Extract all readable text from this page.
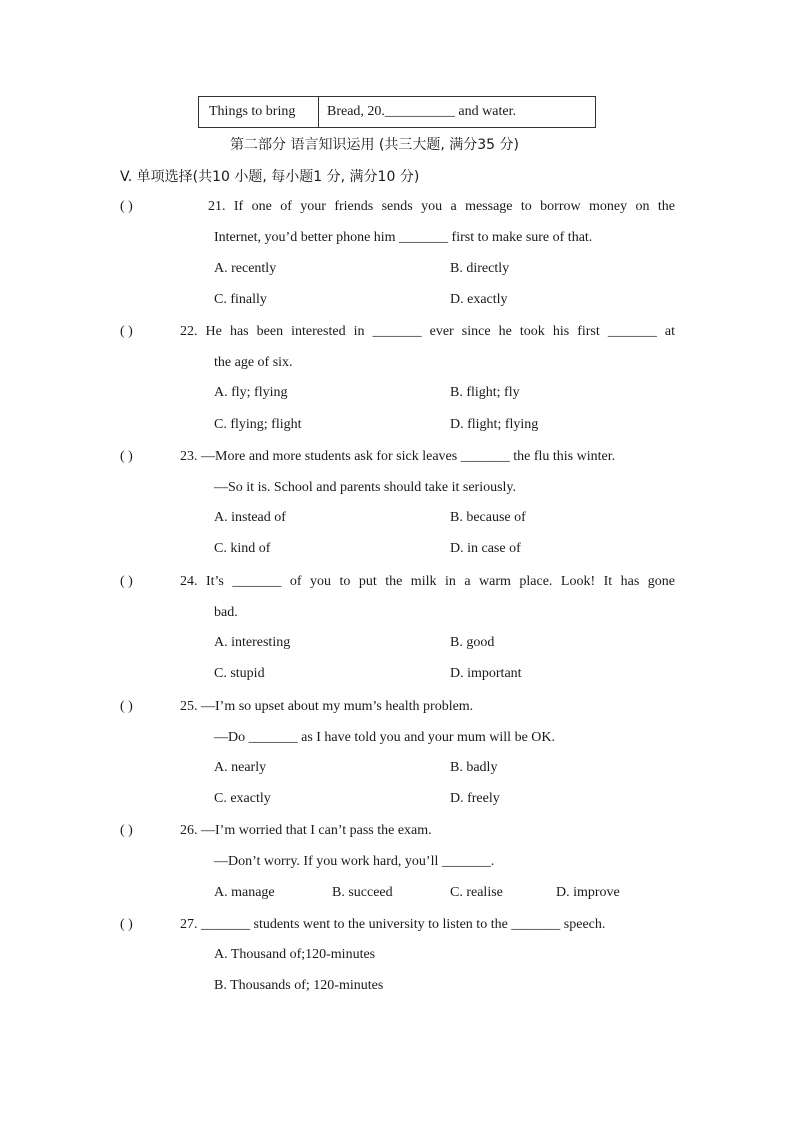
Things to bring	Bread, 20.__________ and water.
第二部分 语言知识运用 (共三大题, 满分35 分)
V. 单项选择(共10 小题, 每小题1 分, 满分10 分)
( )	21. If one of your friends sends you a message to borrow money on the
Internet, you’d better phone him _______ first to make sure of that.
A. recently	B. directly
C. finally	D. exactly
( )	22. He has been interested in _______ ever since he took his first _______ at
the age of six.
A. fly; flying	B. flight; fly
C. flying; flight	D. flight; flying
( )	23. —More and more students ask for sick leaves _______ the flu this winter.
—So it is. School and parents should take it seriously.
A. instead of	B. because of
C. kind of	D. in case of
( )	24. It’s _______ of you to put the milk in a warm place. Look! It has gone
bad.
A. interesting	B. good
C. stupid	D. important
( )	25. —I’m so upset about my mum’s health problem.
—Do _______ as I have told you and your mum will be OK.
A. nearly	B. badly
C. exactly	D. freely
( )	26. —I’m worried that I can’t pass the exam.
—Don’t worry. If you work hard, you’ll _______.
A. manage	B. succeed	C. realise	D. improve
( )	27. _______ students went to the university to listen to the _______ speech.
A. Thousand of;120-minutes
B. Thousands of; 120-minutes
